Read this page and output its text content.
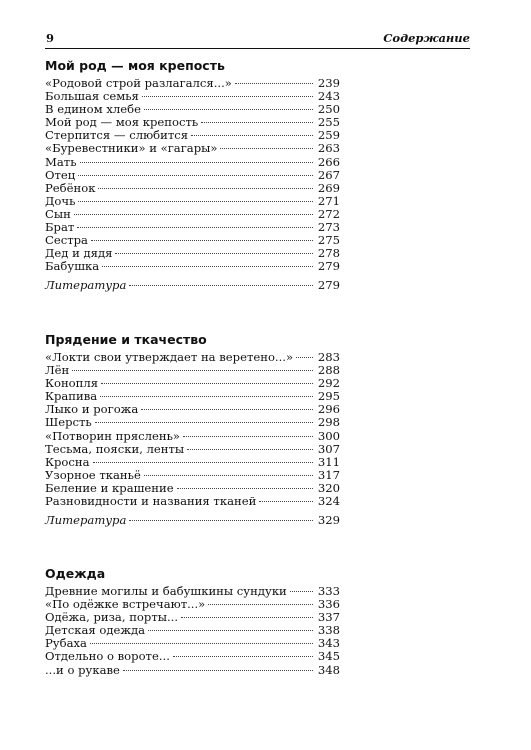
9	Содержание
Мой род — моя крепость
«Родовой строй разлагался...»	239
Большая семья	243
В едином хлебе	250
Мой род — моя крепость	255
Стерпится — слюбится	259
«Буревестники» и «гагары»	263
Мать	266
Отец	267
Ребёнок	269
Дочь	271
Сын	272
Брат	273
Сестра	275
Дед и дядя	278
Бабушка	279
Литература	279
Прядение и ткачество
«Локти свои утверждает на веретено...» 283
Лён	288
Конопля	292
Крапива	295
Лыко и рогожа	296
Шерсть	298
«Потворин пряслень»	300
Тесьма, пояски, ленты	307
Кросна	311
Узорное тканьё	317
Беление и крашение	320
Разновидности и названия тканей	324
Литература	329
Одежда
Древние могилы и бабушкины сундуки	333
«По одёжке встречают...»	336
Одёжа, риза, порты...	337
Детская одежда	338
Рубаха	343
Отдельно о вороте...	345
...и о рукаве	348
